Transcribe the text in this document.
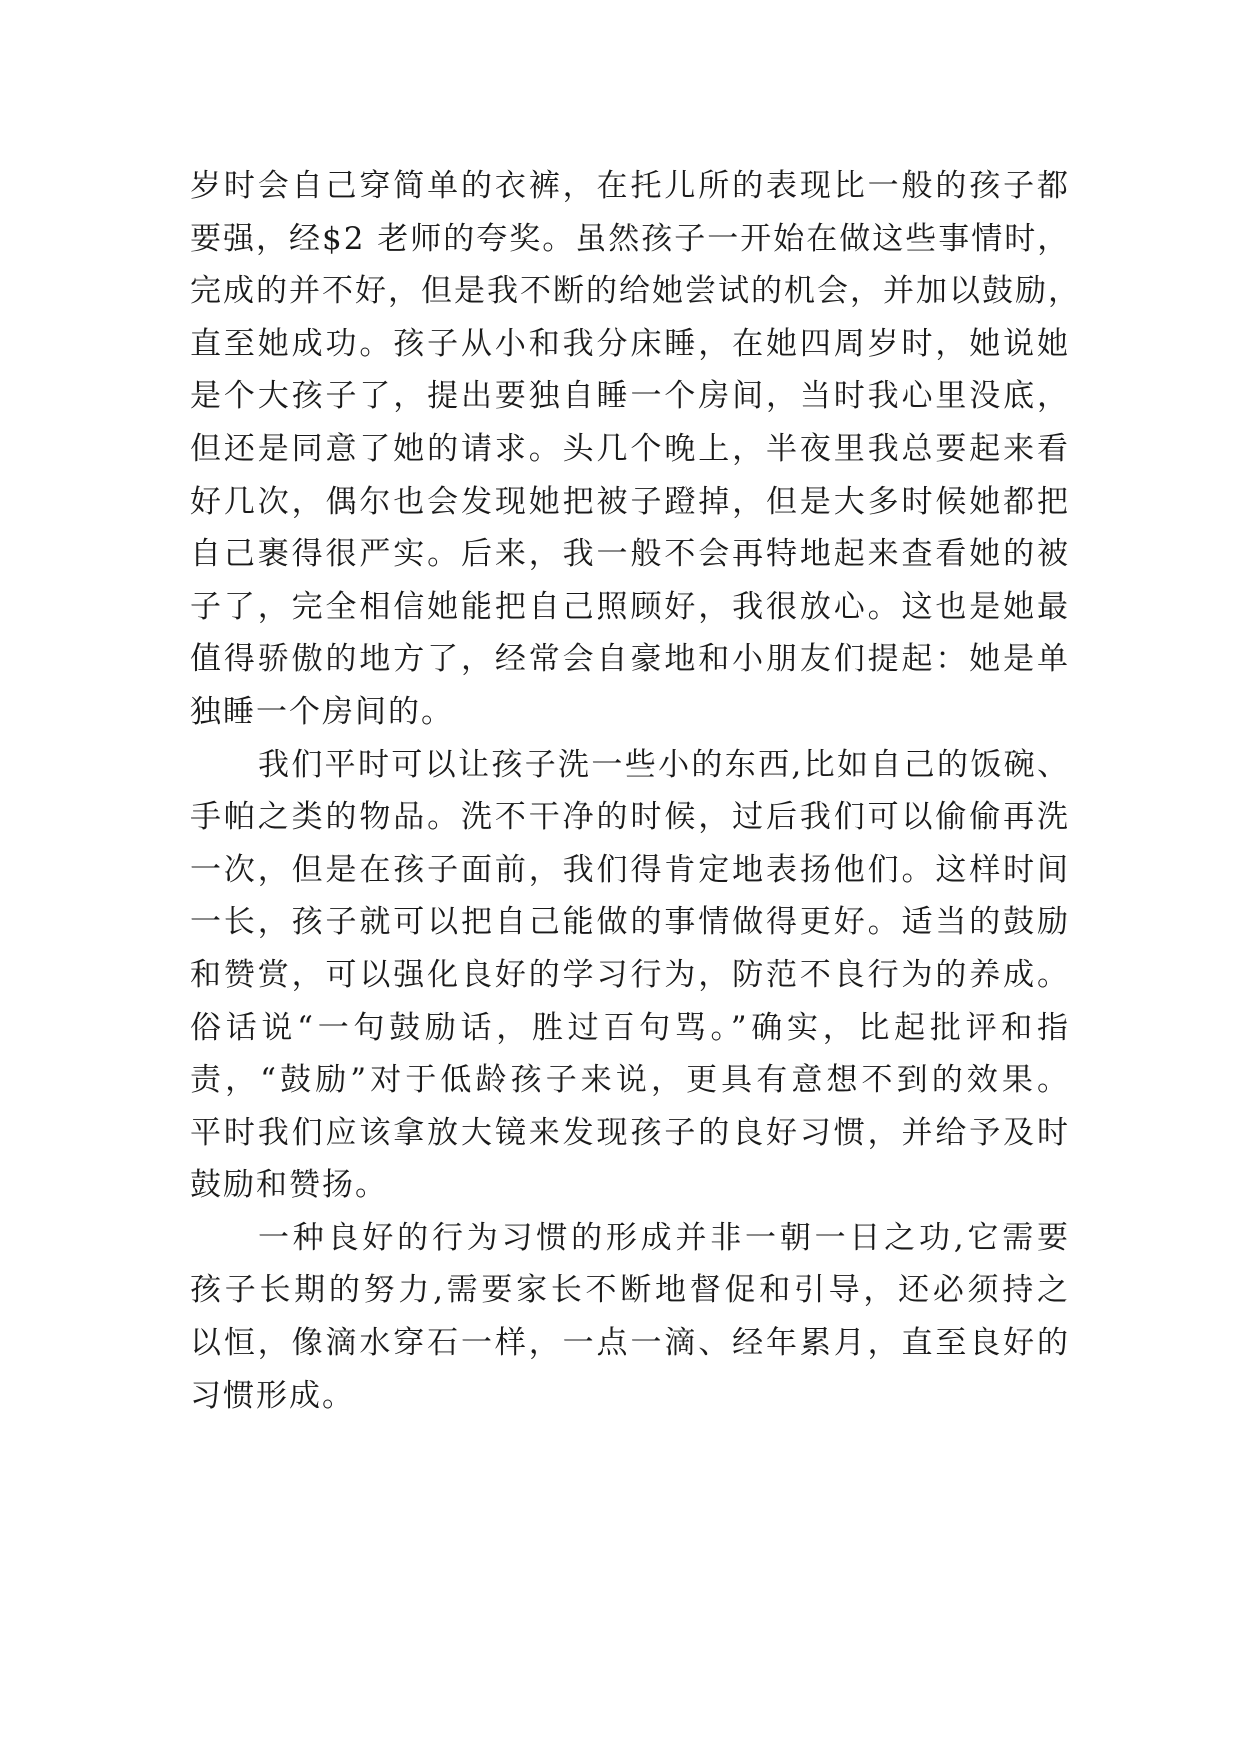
岁时会自己穿简单的衣裤，在托儿所的表现比一般的孩子都
要强，经$2 老师的夸奖。虽然孩子一开始在做这些事情时，
完成的并不好，但是我不断的给她尝试的机会，并加以鼓励，
直至她成功。孩子从小和我分床睡，在她四周岁时，她说她
是个大孩子了，提出要独自睡一个房间，当时我心里没底，
但还是同意了她的请求。头几个晚上，半夜里我总要起来看
好几次，偶尔也会发现她把被子蹬掉，但是大多时候她都把
自己裹得很严实。后来，我一般不会再特地起来查看她的被
子了，完全相信她能把自己照顾好，我很放心。这也是她最
值得骄傲的地方了，经常会自豪地和小朋友们提起：她是单
独睡一个房间的。
我们平时可以让孩子洗一些小的东西,比如自己的饭碗、
手帕之类的物品。洗不干净的时候，过后我们可以偷偷再洗
一次，但是在孩子面前，我们得肯定地表扬他们。这样时间
一长，孩子就可以把自己能做的事情做得更好。适当的鼓励
和赞赏，可以强化良好的学习行为，防范不良行为的养成。
俗话说“一句鼓励话，胜过百句骂。”确实，比起批评和指
责，“鼓励”对于低龄孩子来说，更具有意想不到的效果。
平时我们应该拿放大镜来发现孩子的良好习惯，并给予及时
鼓励和赞扬。
一种良好的行为习惯的形成并非一朝一日之功,它需要
孩子长期的努力,需要家长不断地督促和引导，还必须持之
以恒，像滴水穿石一样，一点一滴、经年累月，直至良好的
习惯形成。
